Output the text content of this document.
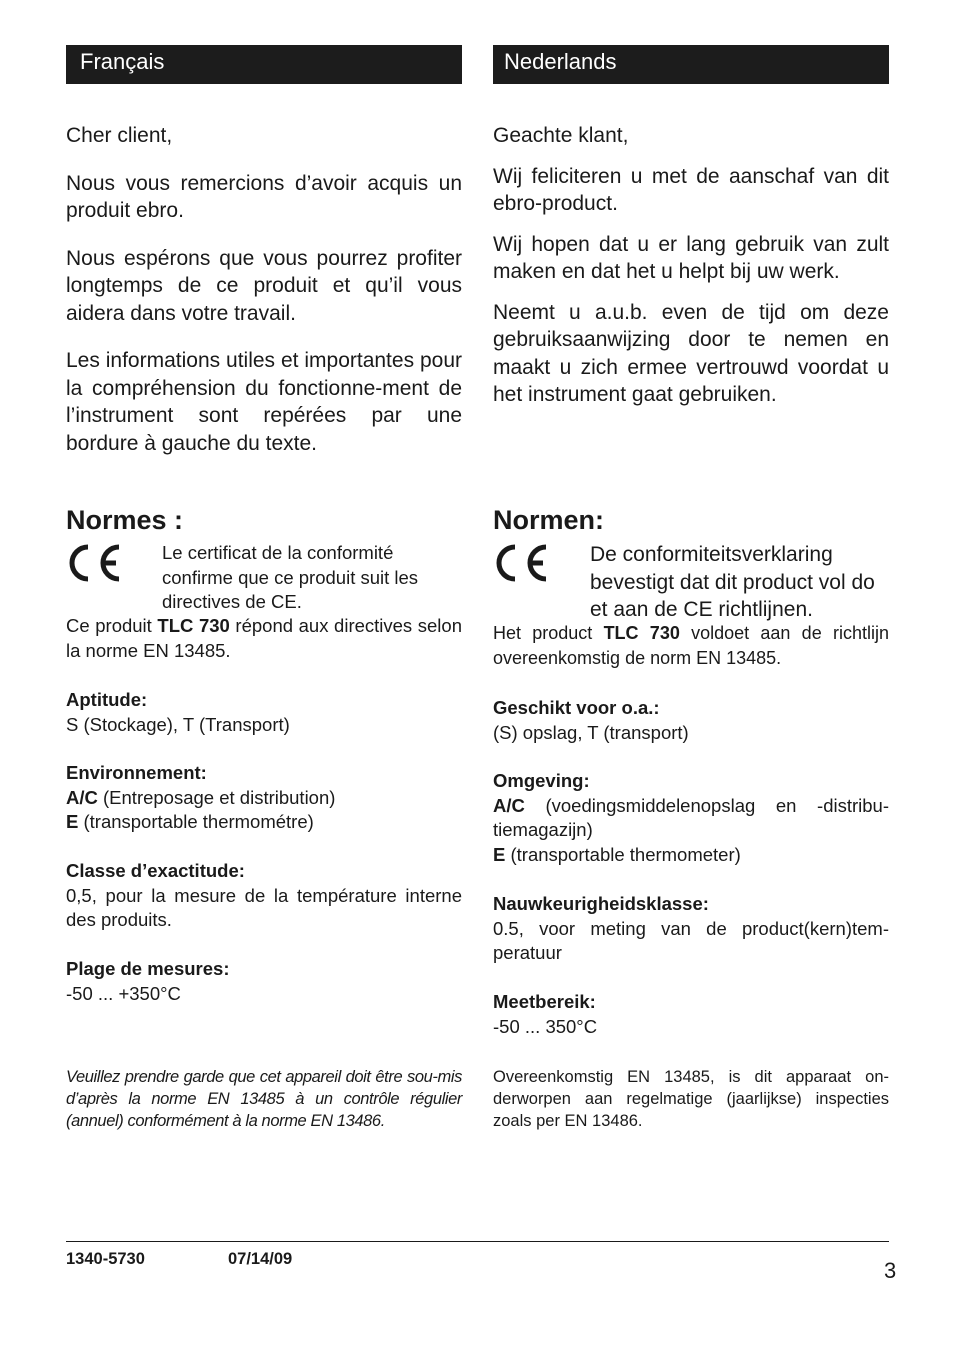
Français

Cher client,

Nous vous remercions d’avoir acquis un produit ebro.

Nous espérons que vous pourrez profiter longtemps de ce produit et qu’il vous aidera dans votre travail.

Les informations utiles et importantes pour la compréhension du fonctionne-ment de l’instrument sont repérées par une bordure à gauche du texte.

Normes :

Le certificat de la conformité confirme que ce produit suit les directives de CE.

Ce produit TLC 730 répond aux directives selon la norme EN 13485.

Aptitude:
S (Stockage), T (Transport)
Environnement:
A/C (Entreposage et distribution)
E (transportable thermométre)
Classe d’exactitude:
0,5, pour la mesure de la température interne des produits.
Plage de mesures:
-50 ... +350°C

Veuillez prendre garde que cet appareil doit être sou-mis d’après la norme EN 13485 à un contrôle régulier (annuel) conformément à la norme EN 13486.

Nederlands

Geachte klant,

Wij feliciteren u met de aanschaf van dit ebro-product.

Wij hopen dat u er lang gebruik van zult maken en dat het u helpt bij uw werk.

Neemt u a.u.b. even de tijd om deze gebruiksaanwijzing door te nemen en maakt u zich ermee vertrouwd voordat u het instrument gaat gebruiken.

Normen:

De conformiteitsverklaring bevestigt dat dit product vol do et aan de CE richtlijnen.

Het product TLC 730 voldoet aan de richtlijn overeenkomstig de norm EN 13485.

Geschikt voor o.a.:
(S) opslag, T (transport)
Omgeving:
A/C (voedingsmiddelenopslag en -distribu-tiemagazijn)
E (transportable thermometer)
Nauwkeurigheidsklasse:
0.5, voor meting van de product(kern)tem-peratuur
Meetbereik:
-50 ... 350°C

Overeenkomstig EN 13485, is dit apparaat on-derworpen aan regelmatige (jaarlijkse) inspecties zoals per EN 13486.

1340-5730	07/14/09	3
